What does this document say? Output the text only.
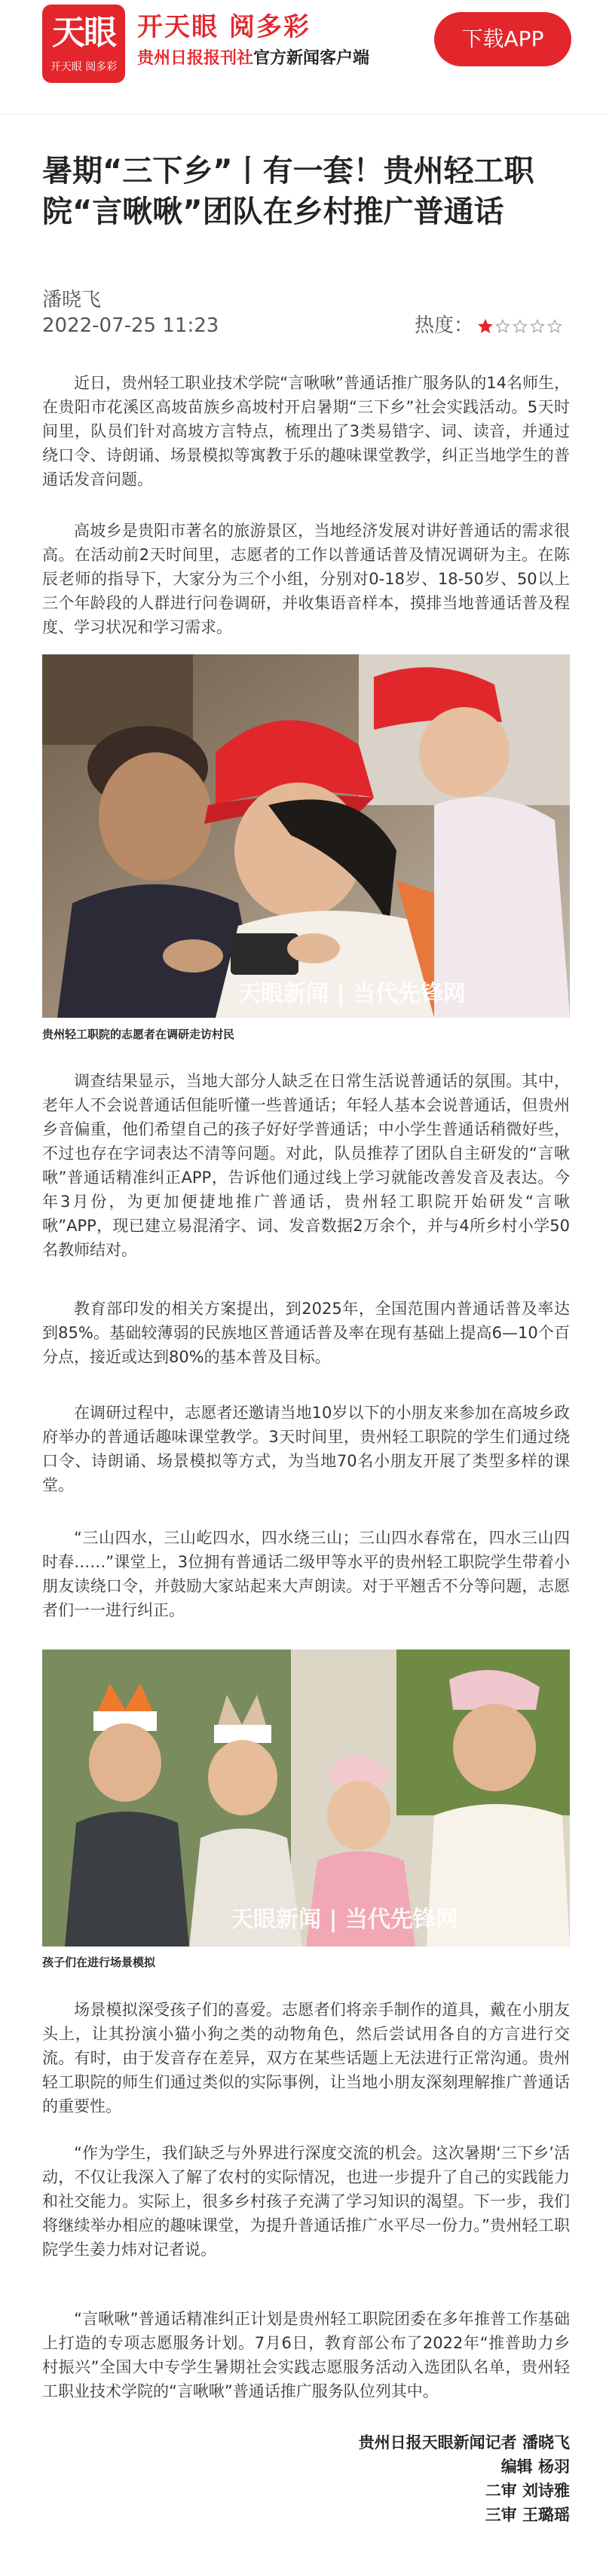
天眼
开天眼 阅多彩
开天眼 阅多彩
贵州日报报刊社官方新闻客户端
下载APP
暑期“三下乡”丨有一套！贵州轻工职院“言啾啾”团队在乡村推广普通话
潘晓飞
2022-07-25 11:23	热度：

近日，贵州轻工职业技术学院“言啾啾”普通话推广服务队的14名师生，在贵阳市花溪区高坡苗族乡高坡村开启暑期“三下乡”社会实践活动。5天时间里，队员们针对高坡方言特点，梳理出了3类易错字、词、读音，并通过绕口令、诗朗诵、场景模拟等寓教于乐的趣味课堂教学，纠正当地学生的普通话发音问题。

高坡乡是贵阳市著名的旅游景区，当地经济发展对讲好普通话的需求很高。在活动前2天时间里，志愿者的工作以普通话普及情况调研为主。在陈辰老师的指导下，大家分为三个小组，分别对0-18岁、18-50岁、50以上三个年龄段的人群进行问卷调研，并收集语音样本，摸排当地普通话普及程度、学习状况和学习需求。

天眼新闻 | 当代先锋网
贵州轻工职院的志愿者在调研走访村民

调查结果显示，当地大部分人缺乏在日常生活说普通话的氛围。其中，老年人不会说普通话但能听懂一些普通话；年轻人基本会说普通话，但贵州乡音偏重，他们希望自己的孩子好好学普通话；中小学生普通话稍微好些，不过也存在字词表达不清等问题。对此，队员推荐了团队自主研发的“言啾啾”普通话精准纠正APP，告诉他们通过线上学习就能改善发音及表达。今年3月份，为更加便捷地推广普通话，贵州轻工职院开始研发“言啾啾”APP，现已建立易混淆字、词、发音数据2万余个，并与4所乡村小学50名教师结对。

教育部印发的相关方案提出，到2025年，全国范围内普通话普及率达到85%。基础较薄弱的民族地区普通话普及率在现有基础上提高6—10个百分点，接近或达到80%的基本普及目标。

在调研过程中，志愿者还邀请当地10岁以下的小朋友来参加在高坡乡政府举办的普通话趣味课堂教学。3天时间里，贵州轻工职院的学生们通过绕口令、诗朗诵、场景模拟等方式，为当地70名小朋友开展了类型多样的课堂。

“三山四水，三山屹四水，四水绕三山；三山四水春常在，四水三山四时春……”课堂上，3位拥有普通话二级甲等水平的贵州轻工职院学生带着小朋友读绕口令，并鼓励大家站起来大声朗读。对于平翘舌不分等问题，志愿者们一一进行纠正。

天眼新闻 | 当代先锋网
孩子们在进行场景模拟

场景模拟深受孩子们的喜爱。志愿者们将亲手制作的道具，戴在小朋友头上，让其扮演小猫小狗之类的动物角色，然后尝试用各自的方言进行交流。有时，由于发音存在差异，双方在某些话题上无法进行正常沟通。贵州轻工职院的师生们通过类似的实际事例，让当地小朋友深刻理解推广普通话的重要性。

“作为学生，我们缺乏与外界进行深度交流的机会。这次暑期‘三下乡’活动，不仅让我深入了解了农村的实际情况，也进一步提升了自己的实践能力和社交能力。实际上，很多乡村孩子充满了学习知识的渴望。下一步，我们将继续举办相应的趣味课堂，为提升普通话推广水平尽一份力。”贵州轻工职院学生姜力炜对记者说。

“言啾啾”普通话精准纠正计划是贵州轻工职院团委在多年推普工作基础上打造的专项志愿服务计划。7月6日，教育部公布了2022年“推普助力乡村振兴”全国大中专学生暑期社会实践志愿服务活动入选团队名单，贵州轻工职业技术学院的“言啾啾”普通话推广服务队位列其中。

贵州日报天眼新闻记者 潘晓飞
编辑 杨羽
二审 刘诗雅
三审 王璐瑶
